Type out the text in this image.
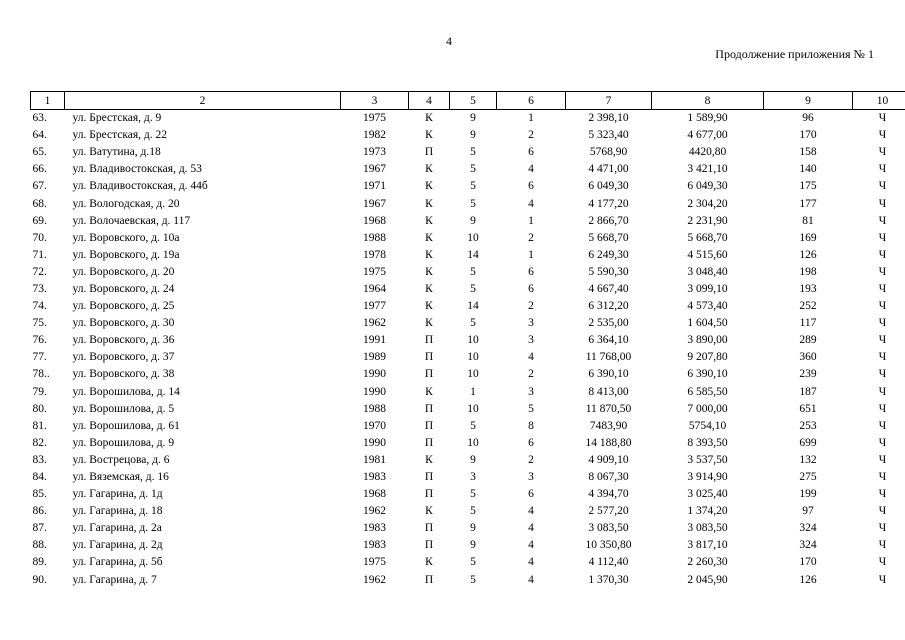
4
Продолжение приложения № 1
1	2	3	4	5	6	7	8	9	10
63.	ул. Брестская, д. 9	1975	К	9	1	2 398,10	1 589,90	96	Ч
64.	ул. Брестская, д. 22	1982	К	9	2	5 323,40	4 677,00	170	Ч
65.	ул. Ватутина, д.18	1973	П	5	6	5768,90	4420,80	158	Ч
66.	ул. Владивостокская, д. 53	1967	К	5	4	4 471,00	3 421,10	140	Ч
67.	ул. Владивостокская, д. 44б	1971	К	5	6	6 049,30	6 049,30	175	Ч
68.	ул. Вологодская, д. 20	1967	К	5	4	4 177,20	2 304,20	177	Ч
69.	ул. Волочаевская, д. 117	1968	К	9	1	2 866,70	2 231,90	81	Ч
70.	ул. Воровского, д. 10а	1988	К	10	2	5 668,70	5 668,70	169	Ч
71.	ул. Воровского, д. 19а	1978	К	14	1	6 249,30	4 515,60	126	Ч
72.	ул. Воровского, д. 20	1975	К	5	6	5 590,30	3 048,40	198	Ч
73.	ул. Воровского, д. 24	1964	К	5	6	4 667,40	3 099,10	193	Ч
74.	ул. Воровского, д. 25	1977	К	14	2	6 312,20	4 573,40	252	Ч
75.	ул. Воровского, д. 30	1962	К	5	3	2 535,00	1 604,50	117	Ч
76.	ул. Воровского, д. 36	1991	П	10	3	6 364,10	3 890,00	289	Ч
77.	ул. Воровского, д. 37	1989	П	10	4	11 768,00	9 207,80	360	Ч
78..	ул. Воровского, д. 38	1990	П	10	2	6 390,10	6 390,10	239	Ч
79.	ул. Ворошилова, д. 14	1990	К	1	3	8 413,00	6 585,50	187	Ч
80.	ул. Ворошилова, д. 5	1988	П	10	5	11 870,50	7 000,00	651	Ч
81.	ул. Ворошилова, д. 61	1970	П	5	8	7483,90	5754,10	253	Ч
82.	ул. Ворошилова, д. 9	1990	П	10	6	14 188,80	8 393,50	699	Ч
83.	ул. Вострецова, д. 6	1981	К	9	2	4 909,10	3 537,50	132	Ч
84.	ул. Вяземская, д. 16	1983	П	3	3	8 067,30	3 914,90	275	Ч
85.	ул. Гагарина, д. 1д	1968	П	5	6	4 394,70	3 025,40	199	Ч
86.	ул. Гагарина, д. 18	1962	К	5	4	2 577,20	1 374,20	97	Ч
87.	ул. Гагарина, д. 2а	1983	П	9	4	3 083,50	3 083,50	324	Ч
88.	ул. Гагарина, д. 2д	1983	П	9	4	10 350,80	3 817,10	324	Ч
89.	ул. Гагарина, д. 5б	1975	К	5	4	4 112,40	2 260,30	170	Ч
90.	ул. Гагарина, д. 7	1962	П	5	4	1 370,30	2 045,90	126	Ч
